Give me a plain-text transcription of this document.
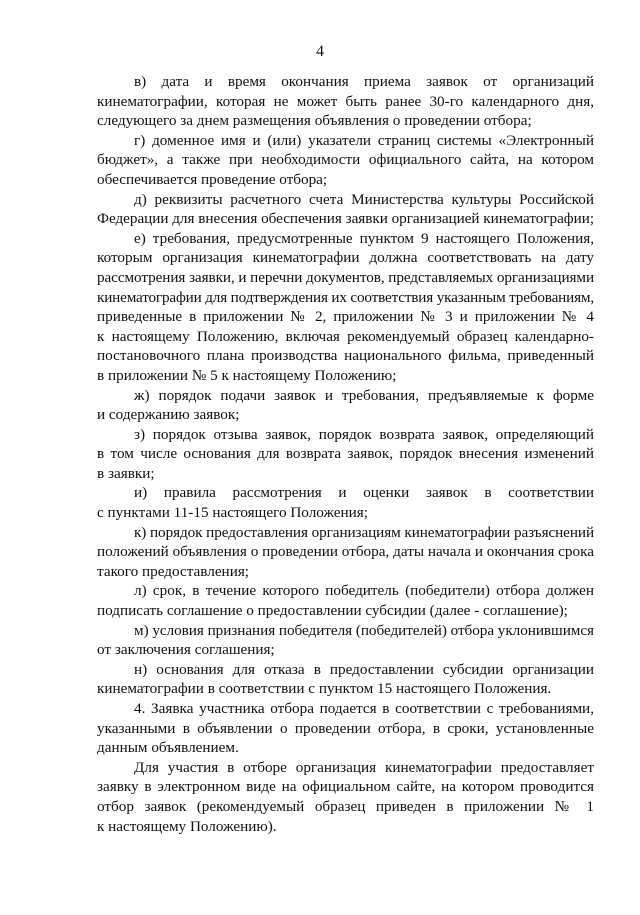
4

в) дата и время окончания приема заявок от организаций
кинематографии, которая не может быть ранее 30-го календарного дня,
следующего за днем размещения объявления о проведении отбора;

г) доменное имя и (или) указатели страниц системы «Электронный
бюджет», а также при необходимости официального сайта, на котором
обеспечивается проведение отбора;

д) реквизиты расчетного счета Министерства культуры Российской
Федерации для внесения обеспечения заявки организацией кинематографии;

е) требования, предусмотренные пунктом 9 настоящего Положения,
которым организация кинематографии должна соответствовать на дату
рассмотрения заявки, и перечни документов, представляемых организациями
кинематографии для подтверждения их соответствия указанным требованиям,
приведенные в приложении № 2, приложении № 3 и приложении № 4
к настоящему Положению, включая рекомендуемый образец календарно-
постановочного плана производства национального фильма, приведенный
в приложении № 5 к настоящему Положению;

ж) порядок подачи заявок и требования, предъявляемые к форме
и содержанию заявок;

з) порядок отзыва заявок, порядок возврата заявок, определяющий
в том числе основания для возврата заявок, порядок внесения изменений
в заявки;

и) правила рассмотрения и оценки заявок в соответствии
с пунктами 11-15 настоящего Положения;

к) порядок предоставления организациям кинематографии разъяснений
положений объявления о проведении отбора, даты начала и окончания срока
такого предоставления;

л) срок, в течение которого победитель (победители) отбора должен
подписать соглашение о предоставлении субсидии (далее - соглашение);

м) условия признания победителя (победителей) отбора уклонившимся
от заключения соглашения;

н) основания для отказа в предоставлении субсидии организации
кинематографии в соответствии с пунктом 15 настоящего Положения.

4. Заявка участника отбора подается в соответствии с требованиями,
указанными в объявлении о проведении отбора, в сроки, установленные
данным объявлением.

Для участия в отборе организация кинематографии предоставляет
заявку в электронном виде на официальном сайте, на котором проводится
отбор заявок (рекомендуемый образец приведен в приложении № 1
к настоящему Положению).
